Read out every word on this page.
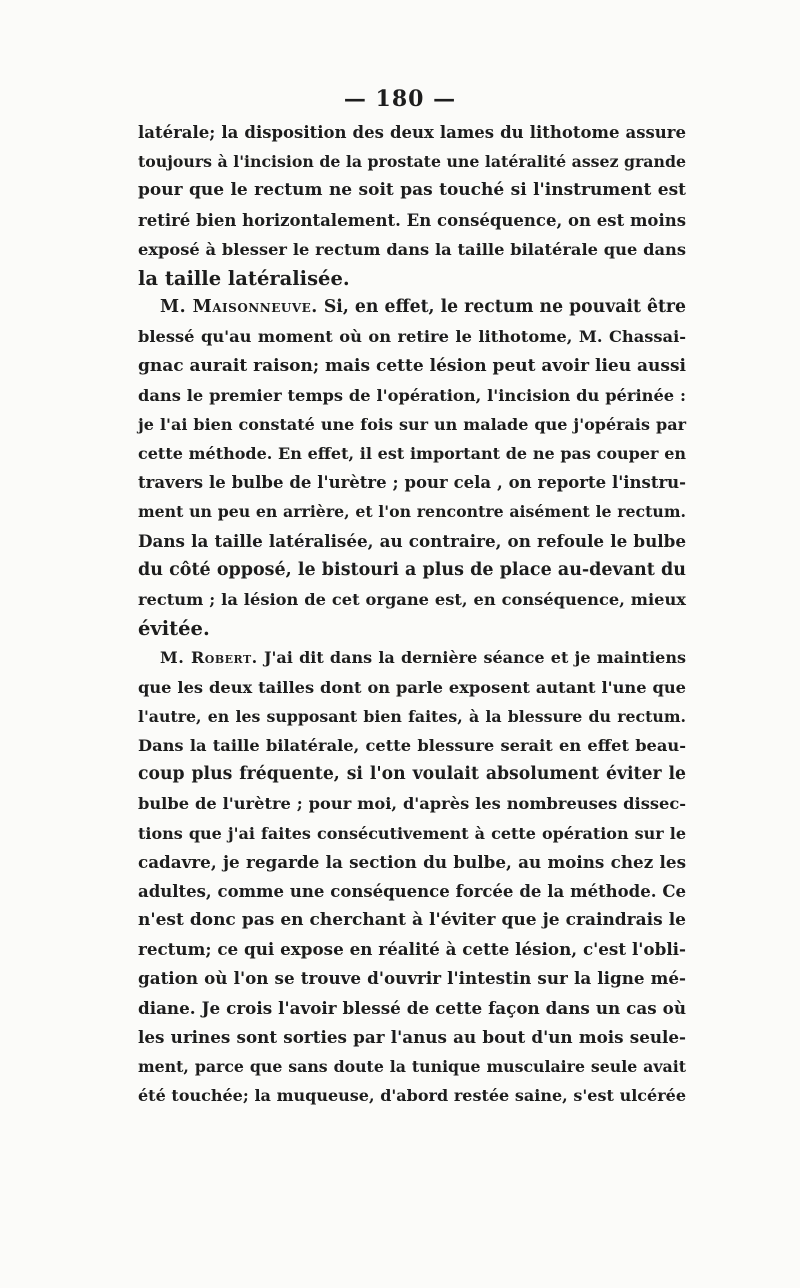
— 180 —
latérale; la disposition des deux lames du lithotome assure
toujours à l'incision de la prostate une latéralité assez grande
pour que le rectum ne soit pas touché si l'instrument est
retiré bien horizontalement. En conséquence, on est moins
exposé à blesser le rectum dans la taille bilatérale que dans
la taille latéralisée.
M. Maisonneuve. Si, en effet, le rectum ne pouvait être
blessé qu'au moment où on retire le lithotome, M. Chassai-
gnac aurait raison; mais cette lésion peut avoir lieu aussi
dans le premier temps de l'opération, l'incision du périnée :
je l'ai bien constaté une fois sur un malade que j'opérais par
cette méthode. En effet, il est important de ne pas couper en
travers le bulbe de l'urètre ; pour cela , on reporte l'instru-
ment un peu en arrière, et l'on rencontre aisément le rectum.
Dans la taille latéralisée, au contraire, on refoule le bulbe
du côté opposé, le bistouri a plus de place au-devant du
rectum ; la lésion de cet organe est, en conséquence, mieux
évitée.
M. Robert. J'ai dit dans la dernière séance et je maintiens
que les deux tailles dont on parle exposent autant l'une que
l'autre, en les supposant bien faites, à la blessure du rectum.
Dans la taille bilatérale, cette blessure serait en effet beau-
coup plus fréquente, si l'on voulait absolument éviter le
bulbe de l'urètre ; pour moi, d'après les nombreuses dissec-
tions que j'ai faites consécutivement à cette opération sur le
cadavre, je regarde la section du bulbe, au moins chez les
adultes, comme une conséquence forcée de la méthode. Ce
n'est donc pas en cherchant à l'éviter que je craindrais le
rectum; ce qui expose en réalité à cette lésion, c'est l'obli-
gation où l'on se trouve d'ouvrir l'intestin sur la ligne mé-
diane. Je crois l'avoir blessé de cette façon dans un cas où
les urines sont sorties par l'anus au bout d'un mois seule-
ment, parce que sans doute la tunique musculaire seule avait
été touchée; la muqueuse, d'abord restée saine, s'est ulcérée
